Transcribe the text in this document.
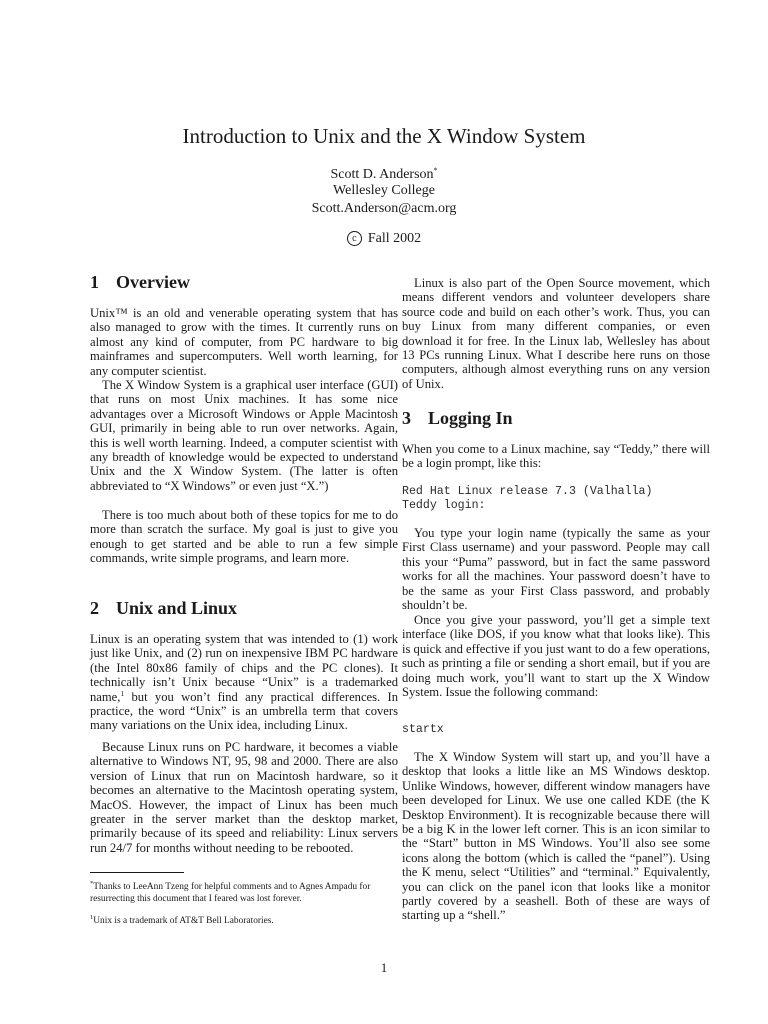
Introduction to Unix and the X Window System
Scott D. Anderson*
Wellesley College
Scott.Anderson@acm.org
c Fall 2002
1 Overview
Unix™ is an old and venerable operating system that has also managed to grow with the times. It currently runs on almost any kind of computer, from PC hardware to big mainframes and supercomputers. Well worth learning, for any computer scientist.
The X Window System is a graphical user interface (GUI) that runs on most Unix machines. It has some nice advantages over a Microsoft Windows or Apple Macintosh GUI, primarily in being able to run over networks. Again, this is well worth learning. Indeed, a computer scientist with any breadth of knowledge would be expected to understand Unix and the X Window System. (The latter is often abbreviated to “X Windows” or even just “X.”)
There is too much about both of these topics for me to do more than scratch the surface. My goal is just to give you enough to get started and be able to run a few simple commands, write simple programs, and learn more.
2 Unix and Linux
Linux is an operating system that was intended to (1) work just like Unix, and (2) run on inexpensive IBM PC hardware (the Intel 80x86 family of chips and the PC clones). It technically isn’t Unix because “Unix” is a trademarked name,$^1$ but you won’t find any practical differences. In practice, the word “Unix” is an umbrella term that covers many variations on the Unix idea, including Linux.
Because Linux runs on PC hardware, it becomes a viable alternative to Windows NT, 95, 98 and 2000. There are also version of Linux that run on Macintosh hardware, so it becomes an alternative to the Macintosh operating system, MacOS. However, the impact of Linux has been much greater in the server market than the desktop market, primarily because of its speed and reliability: Linux servers run 24/7 for months without needing to be rebooted.
Linux is also part of the Open Source movement, which means different vendors and volunteer developers share source code and build on each other’s work. Thus, you can buy Linux from many different companies, or even download it for free. In the Linux lab, Wellesley has about 13 PCs running Linux. What I describe here runs on those computers, although almost everything runs on any version of Unix.
3 Logging In
When you come to a Linux machine, say “Teddy,” there will be a login prompt, like this:
Red Hat Linux release 7.3 (Valhalla)
Teddy login:
You type your login name (typically the same as your First Class username) and your password. People may call this your “Puma” password, but in fact the same password works for all the machines. Your password doesn’t have to be the same as your First Class password, and probably shouldn’t be.
Once you give your password, you’ll get a simple text interface (like DOS, if you know what that looks like). This is quick and effective if you just want to do a few operations, such as printing a file or sending a short email, but if you are doing much work, you’ll want to start up the X Window System. Issue the following command:
startx
The X Window System will start up, and you’ll have a desktop that looks a little like an MS Windows desktop. Unlike Windows, however, different window managers have been developed for Linux. We use one called KDE (the K Desktop Environment). It is recognizable because there will be a big K in the lower left corner. This is an icon similar to the “Start” button in MS Windows. You’ll also see some icons along the bottom (which is called the “panel”). Using the K menu, select “Utilities” and “terminal.” Equivalently, you can click on the panel icon that looks like a monitor partly covered by a seashell. Both of these are ways of starting up a “shell.”
*Thanks to LeeAnn Tzeng for helpful comments and to Agnes Ampadu for resurrecting this document that I feared was lost forever.
$^1$Unix is a trademark of AT&T Bell Laboratories.
1
